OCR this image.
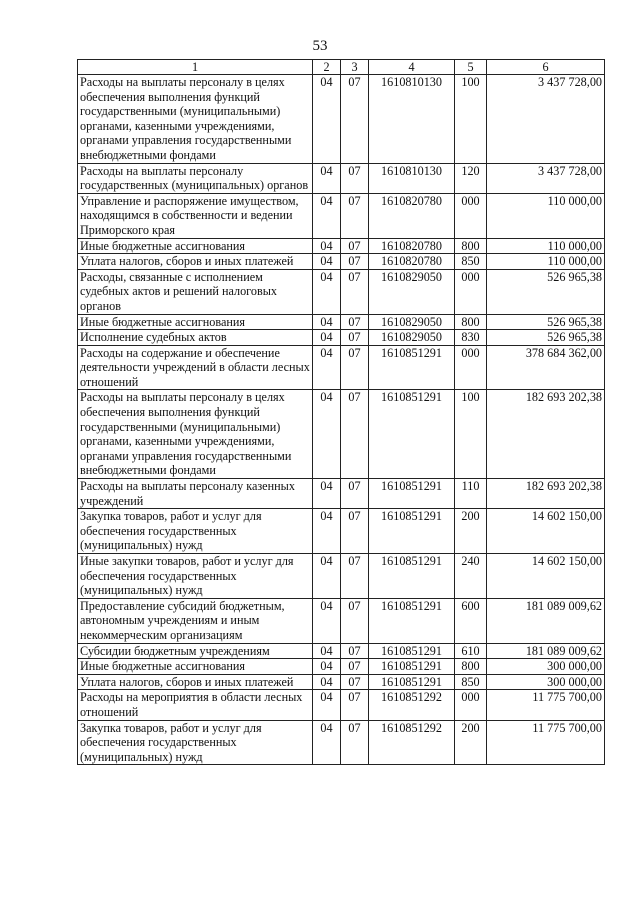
53
1	2	3	4	5	6
Расходы на выплаты персоналу в целях обеспечения выполнения функций государственными (муниципальными) органами, казенными учреждениями, органами управления государственными внебюджетными фондами	04	07	1610810130	100	3 437 728,00
Расходы на выплаты персоналу государственных (муниципальных) органов	04	07	1610810130	120	3 437 728,00
Управление и распоряжение имуществом, находящимся в собственности и ведении Приморского края	04	07	1610820780	000	110 000,00
Иные бюджетные ассигнования	04	07	1610820780	800	110 000,00
Уплата налогов, сборов и иных платежей	04	07	1610820780	850	110 000,00
Расходы, связанные с исполнением судебных актов и решений налоговых органов	04	07	1610829050	000	526 965,38
Иные бюджетные ассигнования	04	07	1610829050	800	526 965,38
Исполнение судебных актов	04	07	1610829050	830	526 965,38
Расходы на содержание и обеспечение деятельности учреждений в области лесных отношений	04	07	1610851291	000	378 684 362,00
Расходы на выплаты персоналу в целях обеспечения выполнения функций государственными (муниципальными) органами, казенными учреждениями, органами управления государственными внебюджетными фондами	04	07	1610851291	100	182 693 202,38
Расходы на выплаты персоналу казенных учреждений	04	07	1610851291	110	182 693 202,38
Закупка товаров, работ и услуг для обеспечения государственных (муниципальных) нужд	04	07	1610851291	200	14 602 150,00
Иные закупки товаров, работ и услуг для обеспечения государственных (муниципальных) нужд	04	07	1610851291	240	14 602 150,00
Предоставление субсидий бюджетным, автономным учреждениям и иным некоммерческим организациям	04	07	1610851291	600	181 089 009,62
Субсидии бюджетным учреждениям	04	07	1610851291	610	181 089 009,62
Иные бюджетные ассигнования	04	07	1610851291	800	300 000,00
Уплата налогов, сборов и иных платежей	04	07	1610851291	850	300 000,00
Расходы на мероприятия в области лесных отношений	04	07	1610851292	000	11 775 700,00
Закупка товаров, работ и услуг для обеспечения государственных (муниципальных) нужд	04	07	1610851292	200	11 775 700,00
